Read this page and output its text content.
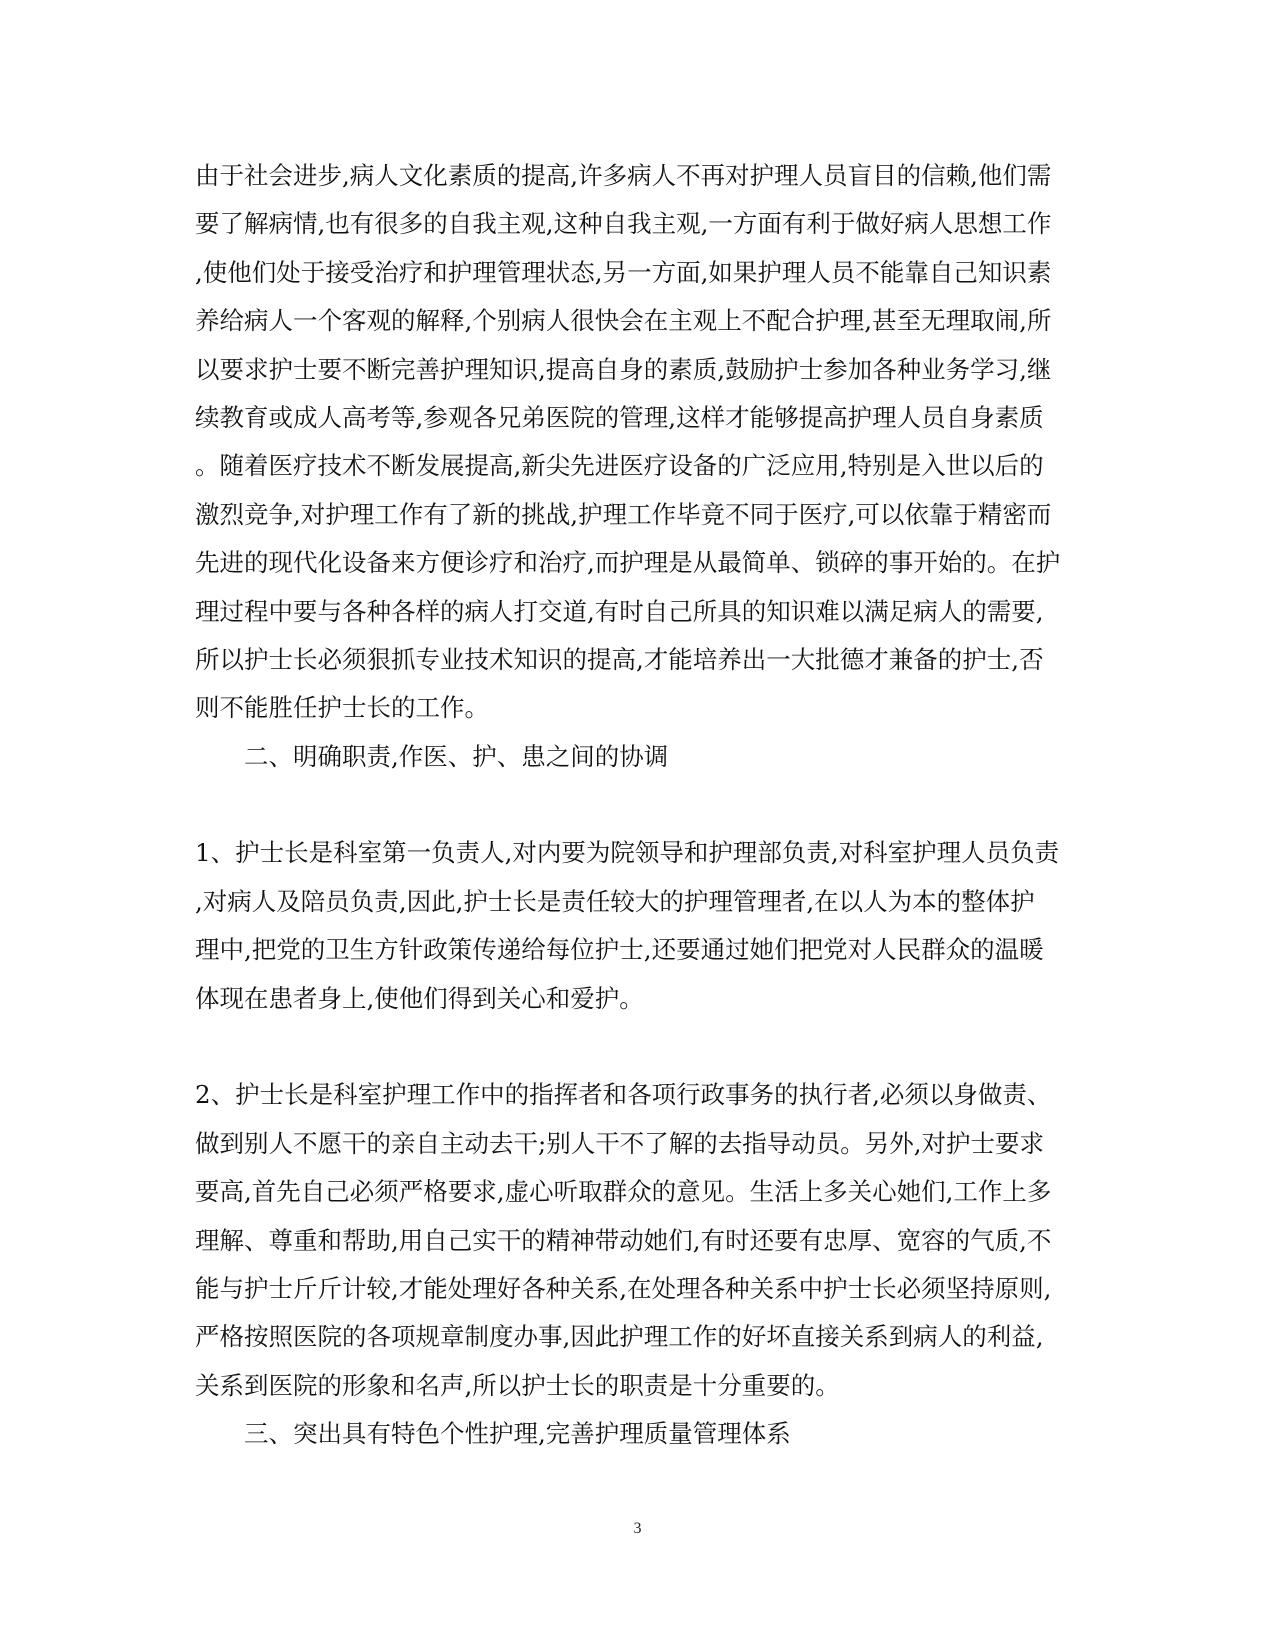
由于社会进步,病人文化素质的提高,许多病人不再对护理人员盲目的信赖,他们需
要了解病情,也有很多的自我主观,这种自我主观,一方面有利于做好病人思想工作
,使他们处于接受治疗和护理管理状态,另一方面,如果护理人员不能靠自己知识素
养给病人一个客观的解释,个别病人很快会在主观上不配合护理,甚至无理取闹,所
以要求护士要不断完善护理知识,提高自身的素质,鼓励护士参加各种业务学习,继
续教育或成人高考等,参观各兄弟医院的管理,这样才能够提高护理人员自身素质
。随着医疗技术不断发展提高,新尖先进医疗设备的广泛应用,特别是入世以后的
激烈竞争,对护理工作有了新的挑战,护理工作毕竟不同于医疗,可以依靠于精密而
先进的现代化设备来方便诊疗和治疗,而护理是从最简单、锁碎的事开始的。在护
理过程中要与各种各样的病人打交道,有时自己所具的知识难以满足病人的需要,
所以护士长必须狠抓专业技术知识的提高,才能培养出一大批德才兼备的护士,否
则不能胜任护士长的工作。
二、明确职责,作医、护、患之间的协调
1、护士长是科室第一负责人,对内要为院领导和护理部负责,对科室护理人员负责
,对病人及陪员负责,因此,护士长是责任较大的护理管理者,在以人为本的整体护
理中,把党的卫生方针政策传递给每位护士,还要通过她们把党对人民群众的温暖
体现在患者身上,使他们得到关心和爱护。
2、护士长是科室护理工作中的指挥者和各项行政事务的执行者,必须以身做责、
做到别人不愿干的亲自主动去干;别人干不了解的去指导动员。另外,对护士要求
要高,首先自己必须严格要求,虚心听取群众的意见。生活上多关心她们,工作上多
理解、尊重和帮助,用自己实干的精神带动她们,有时还要有忠厚、宽容的气质,不
能与护士斤斤计较,才能处理好各种关系,在处理各种关系中护士长必须坚持原则,
严格按照医院的各项规章制度办事,因此护理工作的好坏直接关系到病人的利益,
关系到医院的形象和名声,所以护士长的职责是十分重要的。
三、突出具有特色个性护理,完善护理质量管理体系
3
